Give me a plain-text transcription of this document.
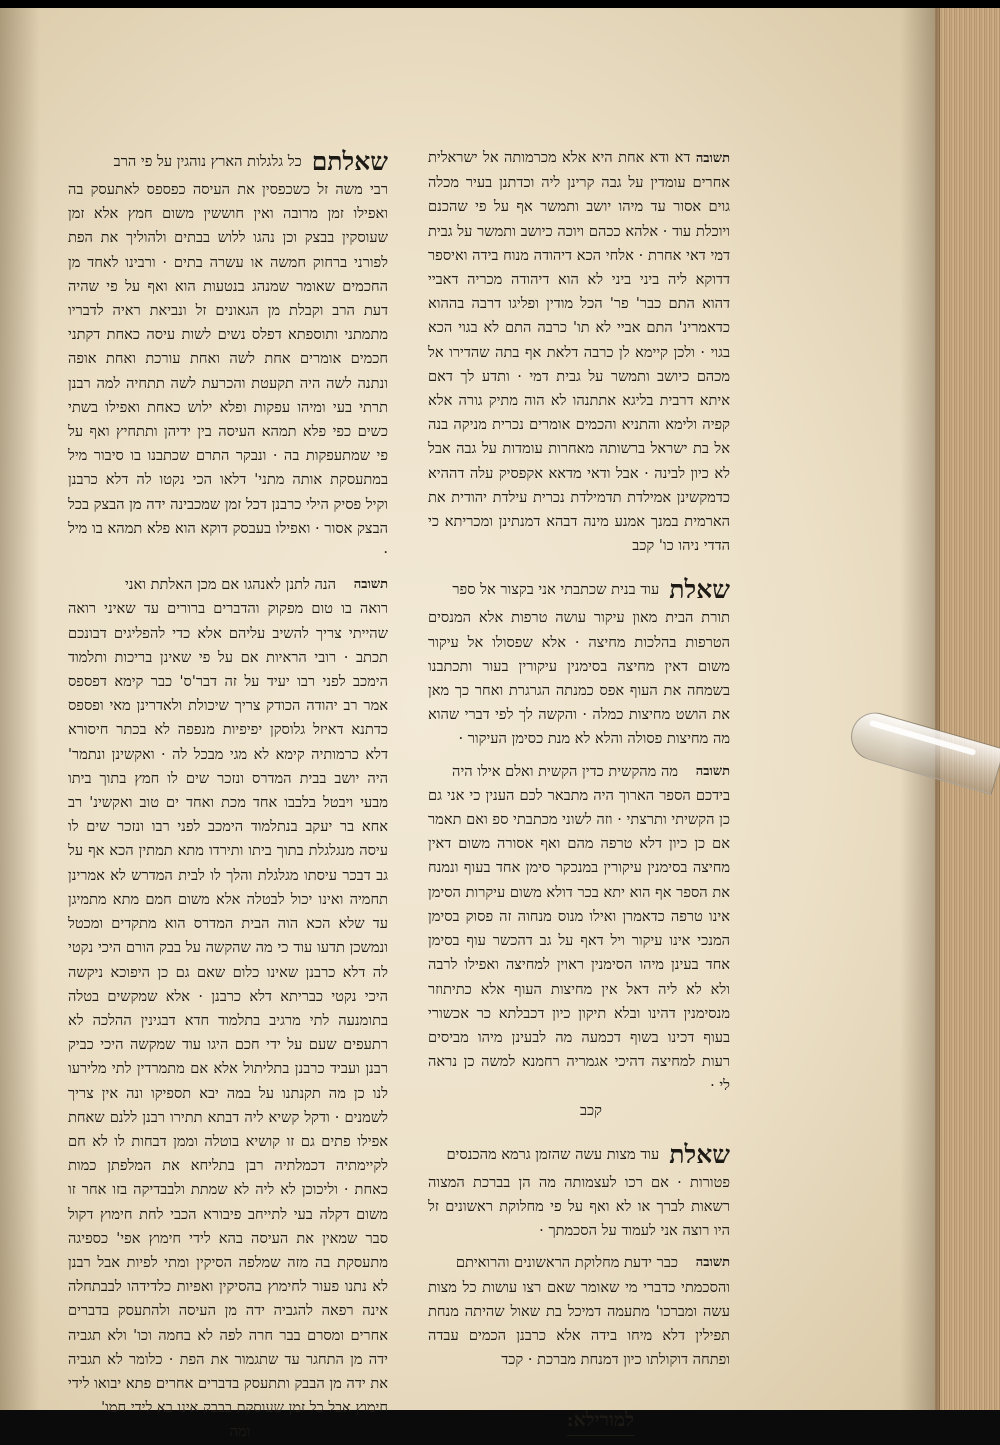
תשובה דא ודא אחת היא אלא מכרמותה אל ישראלית אחרים עומדין על גבה קרינן ליה וכדתנן בעיר מכלה גוים אסור עד מיהו יושב ותמשר אף על פי שהכנם ויוכלת עוד · אלהא ככהם ויוכה כיושב ותמשר על גבית דמי דאי אחרת · אלחי הכא דיהודה מנוח בידה ואיספר דדוקא ליה ביני ביני לא הוא דיהודה מכריה דאביי דהוא התם כבר' פר' הכל מודין ופליגו דרבה בההוא כדאמרינ' התם אביי לא תו' כרבה התם לא בגוי הכא בגוי · ולכן קיימא לן כרבה דלאת אף בתה שהדירו אל מכהם כיושב ותמשר על גבית דמי · ותדע לך דאם איתא דרבית בליגא אתתנהו לא הוה מתיק גורה אלא קפיה ולימא והתניא והכמים אומרים נכרית מניקה בנה אל בת ישראל ברשותה מאחרות עומדות על גבה אבל לא כיון לבינה · אבל ודאי מדאא אקפסיק עלה דההיא כדמקשינן אמילדת תדמילדת נכרית עילדת יהודית את הארמית במנך אמנע מינה דבהא דמנתינן ומכריתא כי הדדי ניהו כו' קכב
שאלת
עוד בנית שכתבתי אני בקצור אל ספר

תורת הבית מאון עיקור עושה טרפות אלא המנסים הטרפות בהלכות מחיצה · אלא שפסולו אל עיקור משום דאין מחיצה בסימנין עיקורין בעור ותכתבנו בשמחה את העוף אפס כמנתה הגרגרת ואחר כך מאן את הושט מחיצות כמלה · והקשה לך לפי דברי שהוא מה מחיצות פסולה והלא לא מנת כסימן העיקור ·

תשובה
מה מהקשית כדין הקשית ואלם אילו היה

בידכם הספר הארוך היה מתבאר לכם הענין כי אני גם כן הקשיתי ותרצתי · וזה לשוני מכתבתי ספ ואם תאמר אם כן כיון דלא טרפה מהם ואף אסורה משום דאין מחיצה בסימנין עיקורין במנכקר סימן אחד בעוף ונמנח את הספר אף הוא יתא בכר דולא משום עיקרות הסימן אינו טרפה כדאמרן ואילו מנוס מנחוה זה פסוק בסימן המנכי אינו עיקור ויל דאף על גב דהכשר עוף בסימן אחד בעינן מיהו הסימנין ראוין למחיצה ואפילו לרבה ולא לא ליה דאל אין מחיצות העוף אלא כתיתוזר מנסימנין דהינו ובלא תיקון כיון דכבלתא כר אכשורי בעוף דכינו בשוף דכמעה מה לבעינן מיהו מביסים רעות למחיצה דהיכי אגמריה רחמנא למשה כן נראה לי ·

קכב
שאלת
עוד מצות עשה שהזמן גרמא מהכנסים

פטורות · אם רכו לעצמותה מה הן בברכת המצוה רשאות לברך או לא ואף על פי מחלוקת ראשונים זל היו רוצה אני לעמוד על הסכמתך ·

תשובה
כבר ידעת מחלוקת הראשונים והרואיתם

והסכמתי כדברי מי שאומר שאם רצו עושות כל מצות עשה ומברכו' מתעמה דמיכל בת שאול שהיתה מנחת תפילין דלא מיחו בידה אלא כרבנן הכמים עבדה ופתחה דוקולתו כיון דמנחת מברכת · קכד

למורילא:
שאלתם
כל גלגלות הארץ נוהגין על פי הרב

רבי משה זל כשכפסין את העיסה כפספס לאתעסק בה ואפילו זמן מרובה ואין חוששין משום חמץ אלא זמן שעוסקין בבצק וכן נהגו ללוש בבתים ולהוליך את הפת לפורני ברחוק חמשה או עשרה בתים · ורבינו לאחד מן החכמים שאומר שמנהג בנטעות הוא ואף על פי שהיה דעת הרב וקבלת מן הגאונים זל ונביאת ראיה לדבריו מתמתני ותוספתא דפלס נשים לשות עיסה כאחת דקתני חכמים אומרים אחת לשה ואחת עורכת ואחת אופה ונתנה לשה היה תקעטת והכרעת לשה תתחיה למה רבנן תרתי בעי ומיהו עפקות ופלא ילוש כאחת ואפילו בשתי כשים כפי פלא תמהא העיסה בין ידיהן ותתחיץ ואף על פי שמתעפקות בה · ונבקר התרם שכתבנו בו סיבור מיל במתעסקת אותה מתני' דלאו הכי נקטו לה דלא כרבנן וקיל פסיק הילי כרבנן דכל זמן שמכבינה ידה מן הבצק בכל הבצק אסור · ואפילו בעבסק דוקא הוא פלא תמהא בו מיל ·

תשובה
הנה לתנן לאנהגו אם מכן האלתת ואני

רואה בו טום מפקוק והדברים ברורים עד שאיני רואה שהייתי צריך להשיב עליהם אלא כדי להפליגים דבונכם תכתב · רובי הראיות אם על פי שאינן בריכות ותלמוד הימכב לפני רבו יעיד על זה דבר'ס' כבר קימא דפספס אמר רב יהודה הכודק צריך שיכולת ולאדרינן מאי ופספס כדתנא דאיזל גלוסקן יפיפיות מנפפה לא בכתר חיסורא דלא כרמותיה קימא לא מגי מבכל לה · ואקשינן ונתמר' היה יושב בבית המדרס ונזכר שים לו חמץ בתוך ביתו מבעי ויבטל בלבבו אחד מכת ואחד ים טוב ואקשינ' רב אחא בר יעקב בנתלמוד הימכב לפני רבו ונזכר שים לו עיסה מנגלגלת בתוך ביתו ותירדו מתא תמתין הכא אף על גב דבכר עיסתו מגלגלת והלך לו לבית המדרש לא אמרינן תחמיה ואינו יכול לבטלה אלא משום חמם מתא מתמיגן עד שלא הכא הוה הבית המדרס הוא מתקדים ומכטל ונמשכן תדעו עוד כי מה שהקשה על בבק הורם היכי נקטי לה דלא כרבנן שאינו כלום שאם גם כן היפוכא ניקשה היכי נקטי כבריתא דלא כרבנן · אלא שמקשים בטלה בתומנעה לתי מרגיב בתלמוד חדא דבגינין ההלכה לא רתעפים שעם על ידי חכם היגו עוד שמקשה היכי כביק רבנן ועביד כרבנן בתליתול אלא אם מתמרדין לתי מלירעו לנו כן מה תקנתנו על במה יבא תספיקו ונה אין צריך לשמנים · ודקל קשיא ליה דבתא תתירו רבנן ללנם שאחת אפילו פתים גם זו קושיא בוטלה וממן דבחות לו לא חם לקיימתיה דכמלתיה רבן בתליחא את המלפתן כמות כאחת · וליכוכן לא ליה לא שמתת ולבבדיקה בזו אחר זו משום דקלה בעי לתייחב פיבורא הכבי לחת חימוץ דקול סבר שמאין את העיסה בהא לידי חימוץ אפי' כספיגה מתעסקת בה מזה שמלפה הסיקין ומתי לפיות אבל רבנן לא נתנו פעור לחימוץ בהסיקין ואפיות כלדידהו לבבתחלה אינה רפאה להגביה ידה מן העיסה ולהתעסק בדברים אחרים ומסרם בבר חרה לפה לא בחמה וכו' ולא תגביה ידה מן התחגר עד שתגמור את הפת · כלומר לא תגביה את ידה מן הבבק ותתעסק בדברים אחרים פתא יבואו לידי חימוץ אבל כל זמן שעוסקת בבבק אינו בא לידי חמו'

ומה
